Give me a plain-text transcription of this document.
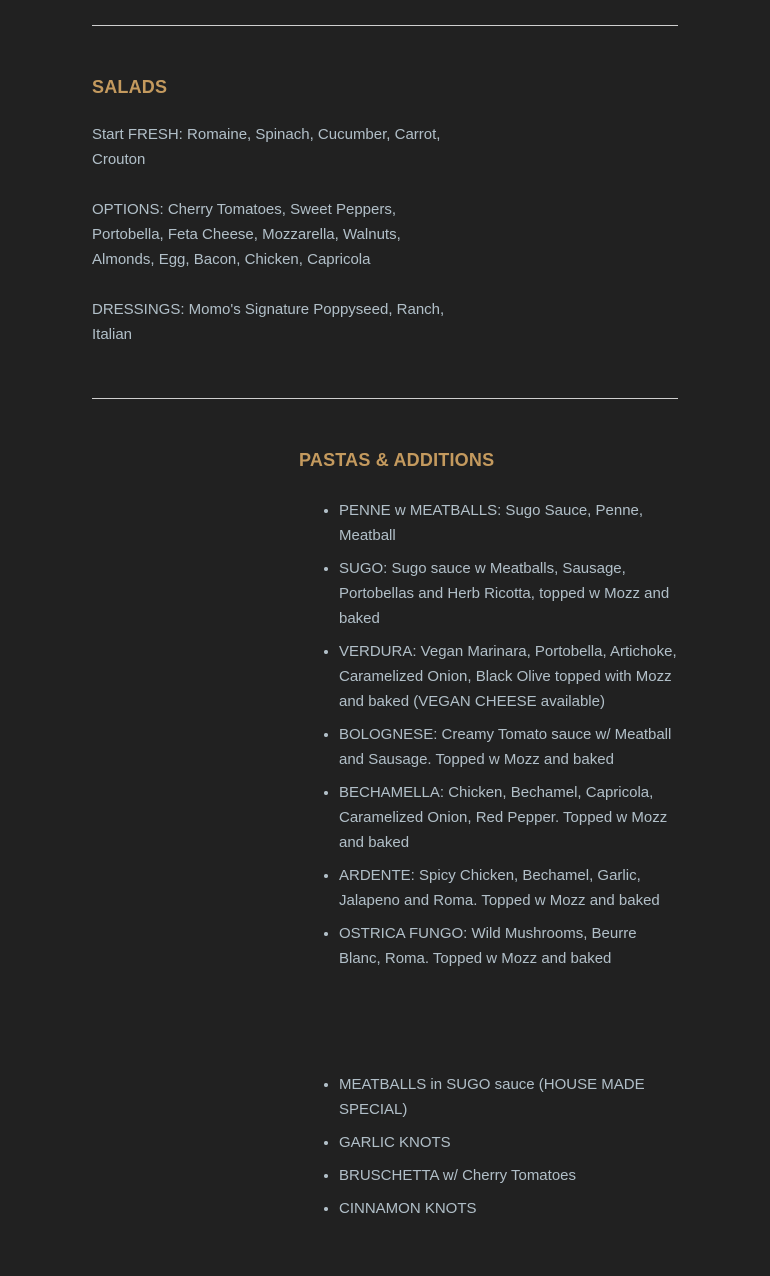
SALADS

Start FRESH: Romaine, Spinach, Cucumber, Carrot, Crouton

OPTIONS: Cherry Tomatoes, Sweet Peppers, Portobella, Feta Cheese, Mozzarella, Walnuts, Almonds, Egg, Bacon, Chicken, Capricola

DRESSINGS: Momo's Signature Poppyseed, Ranch, Italian

PASTAS & ADDITIONS
PENNE w MEATBALLS: Sugo Sauce, Penne, Meatball
SUGO: Sugo sauce w Meatballs, Sausage, Portobellas and Herb Ricotta, topped w Mozz and baked
VERDURA: Vegan Marinara, Portobella, Artichoke, Caramelized Onion, Black Olive topped with Mozz and baked (VEGAN CHEESE available)
BOLOGNESE: Creamy Tomato sauce w/ Meatball and Sausage. Topped w Mozz and baked
BECHAMELLA: Chicken, Bechamel, Capricola, Caramelized Onion, Red Pepper. Topped w Mozz and baked
ARDENTE: Spicy Chicken, Bechamel, Garlic, Jalapeno and Roma. Topped w Mozz and baked
OSTRICA FUNGO: Wild Mushrooms, Beurre Blanc, Roma. Topped w Mozz and baked
MEATBALLS in SUGO sauce (HOUSE MADE SPECIAL)
GARLIC KNOTS
BRUSCHETTA w/ Cherry Tomatoes
CINNAMON KNOTS
